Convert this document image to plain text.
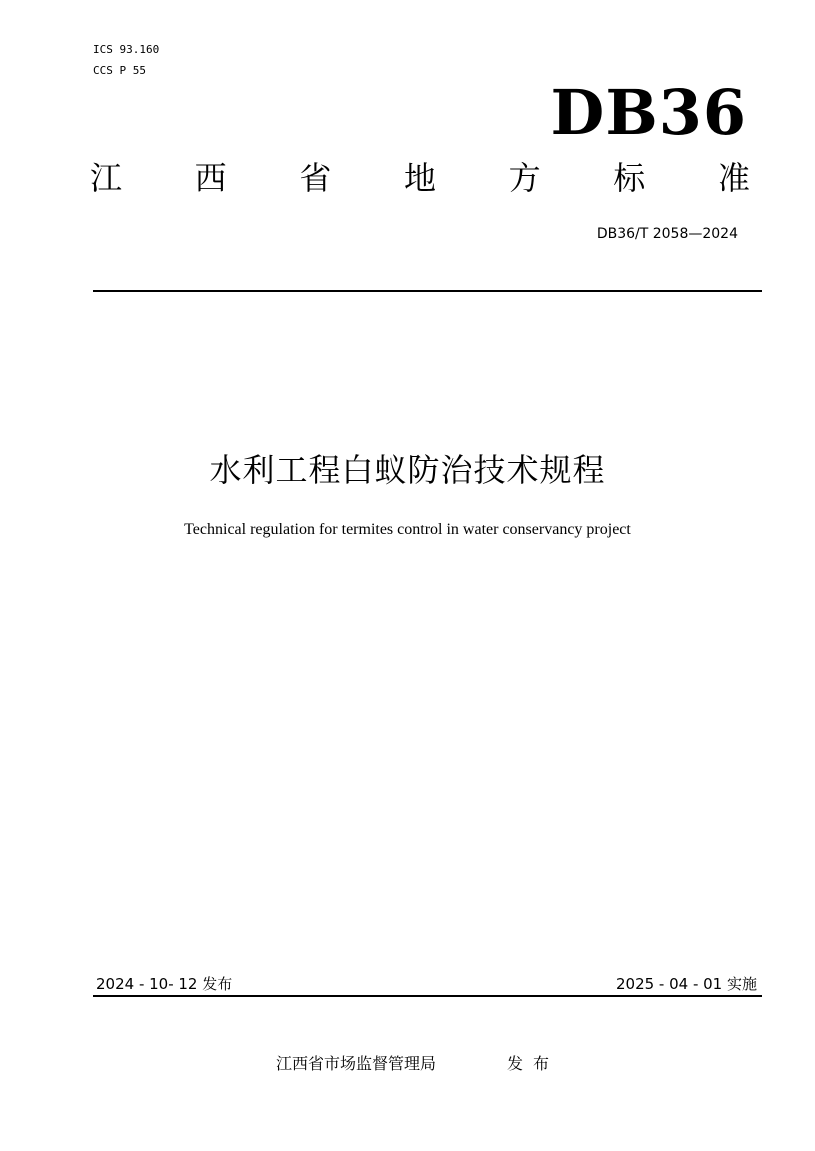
ICS 93.160
CCS P 55
DB36
江 西 省 地 方 标 准
DB36/T 2058—2024
水利工程白蚁防治技术规程
Technical regulation for termites control in water conservancy project
2024 - 10- 12 发布	2025 - 04 - 01 实施
江西省市场监督管理局	发布
